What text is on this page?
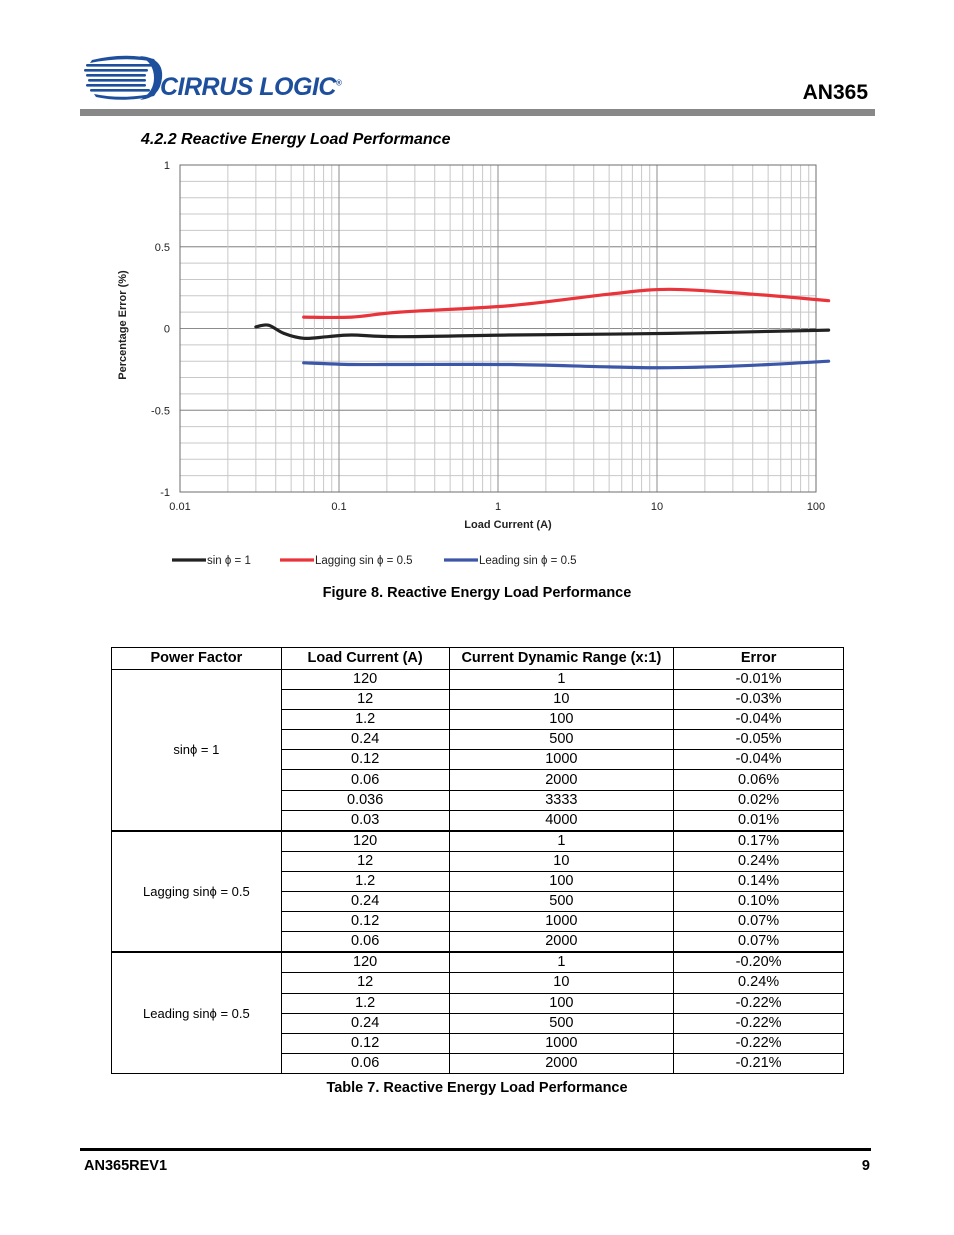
CIRRUS LOGIC®	AN365
4.2.2 Reactive Energy Load Performance
1
0.5
0
-0.5
-1
0.01	0.1	1	10	100
Load Current (A)
Percentage Error (%)
sin ϕ = 1	Lagging sin ϕ = 0.5	Leading sin ϕ = 0.5
Figure 8. Reactive Energy Load Performance
Power Factor	Load Current (A)	Current Dynamic Range (x:1)	Error
sinϕ = 1	120	1	-0.01%
	12	10	-0.03%
	1.2	100	-0.04%
	0.24	500	-0.05%
	0.12	1000	-0.04%
	0.06	2000	0.06%
	0.036	3333	0.02%
	0.03	4000	0.01%
Lagging sinϕ = 0.5	120	1	0.17%
	12	10	0.24%
	1.2	100	0.14%
	0.24	500	0.10%
	0.12	1000	0.07%
	0.06	2000	0.07%
Leading sinϕ = 0.5	120	1	-0.20%
	12	10	0.24%
	1.2	100	-0.22%
	0.24	500	-0.22%
	0.12	1000	-0.22%
	0.06	2000	-0.21%
Table 7. Reactive Energy Load Performance
AN365REV1	9
